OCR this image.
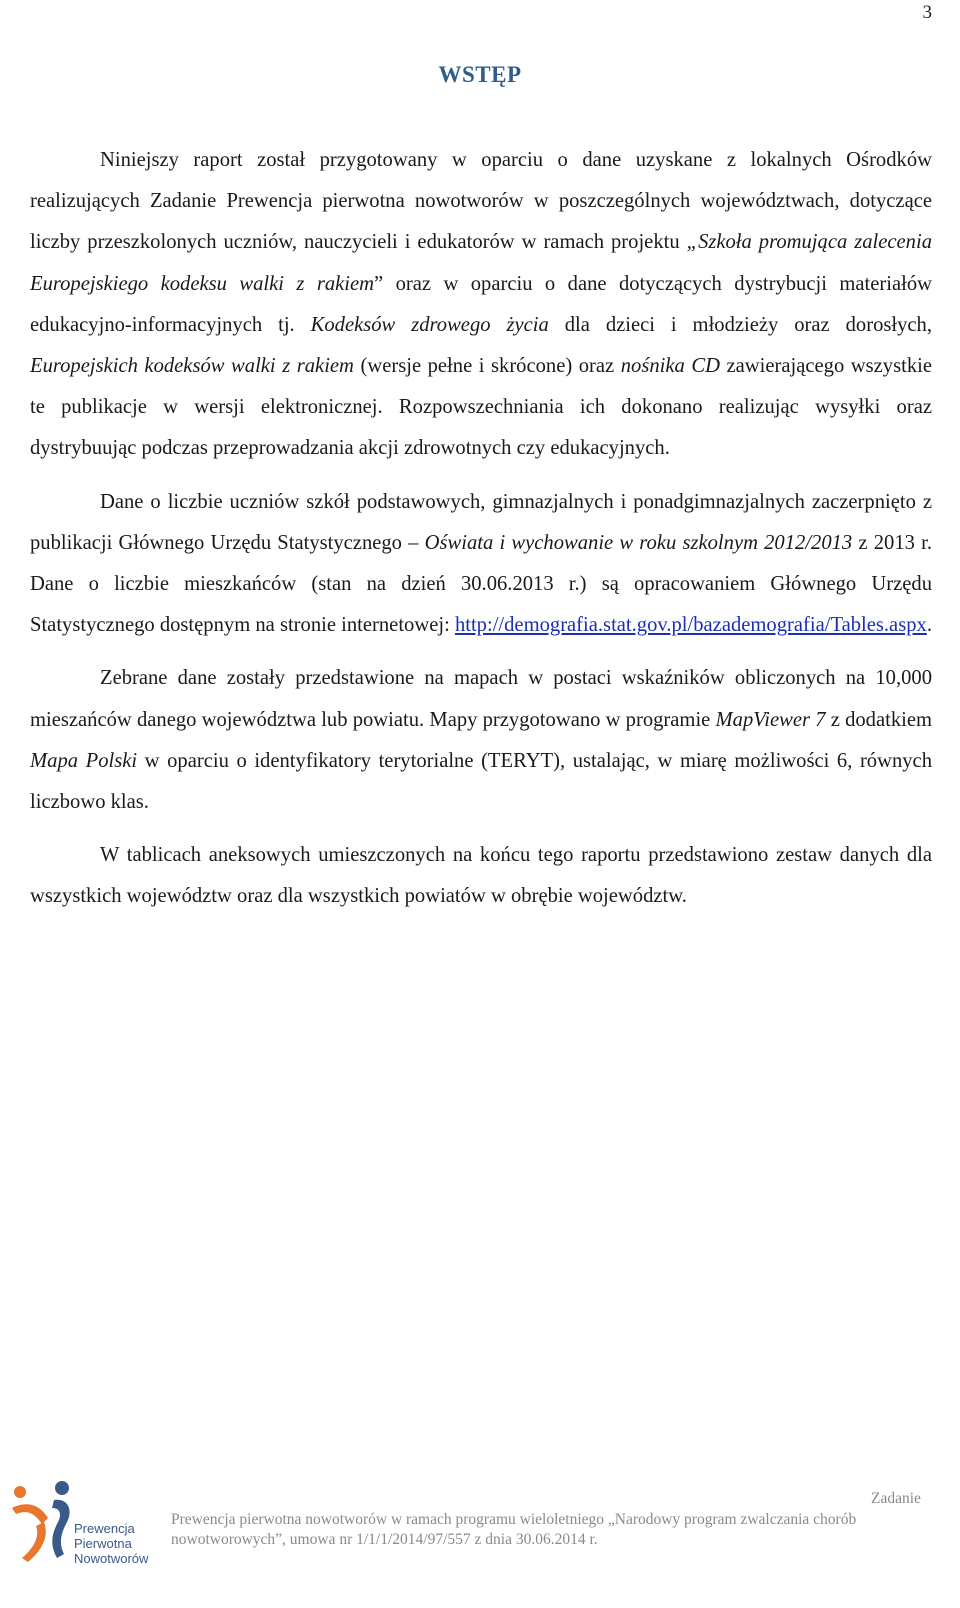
3
WSTĘP

Niniejszy raport został przygotowany w oparciu o dane uzyskane z lokalnych Ośrodków realizujących Zadanie Prewencja pierwotna nowotworów w poszczególnych województwach, dotyczące liczby przeszkolonych uczniów, nauczycieli i edukatorów w ramach projektu „Szkoła promująca zalecenia Europejskiego kodeksu walki z rakiem” oraz w oparciu o dane dotyczących dystrybucji materiałów edukacyjno-informacyjnych tj. Kodeksów zdrowego życia dla dzieci i młodzieży oraz dorosłych, Europejskich kodeksów walki z rakiem (wersje pełne i skrócone) oraz nośnika CD zawierającego wszystkie te publikacje w wersji elektronicznej. Rozpowszechniania ich dokonano realizując wysyłki oraz dystrybuując podczas przeprowadzania akcji zdrowotnych czy edukacyjnych.

Dane o liczbie uczniów szkół podstawowych, gimnazjalnych i ponadgimnazjalnych zaczerpnięto z publikacji Głównego Urzędu Statystycznego – Oświata i wychowanie w roku szkolnym 2012/2013 z 2013 r. Dane o liczbie mieszkańców (stan na dzień 30.06.2013 r.) są opracowaniem Głównego Urzędu Statystycznego dostępnym na stronie internetowej: http://demografia.stat.gov.pl/bazademografia/Tables.aspx.

Zebrane dane zostały przedstawione na mapach w postaci wskaźników obliczonych na 10,000 mieszańców danego województwa lub powiatu. Mapy przygotowano w programie MapViewer 7 z dodatkiem Mapa Polski w oparciu o identyfikatory terytorialne (TERYT), ustalając, w miarę możliwości 6, równych liczbowo klas.

W tablicach aneksowych umieszczonych na końcu tego raportu przedstawiono zestaw danych dla wszystkich województw oraz dla wszystkich powiatów w obrębie województw.

Prewencja
Pierwotna
Nowotworów
Zadanie Prewencja pierwotna nowotworów w ramach programu wieloletniego „Narodowy program zwalczania chorób nowotworowych”, umowa nr 1/1/1/2014/97/557 z dnia 30.06.2014 r.
